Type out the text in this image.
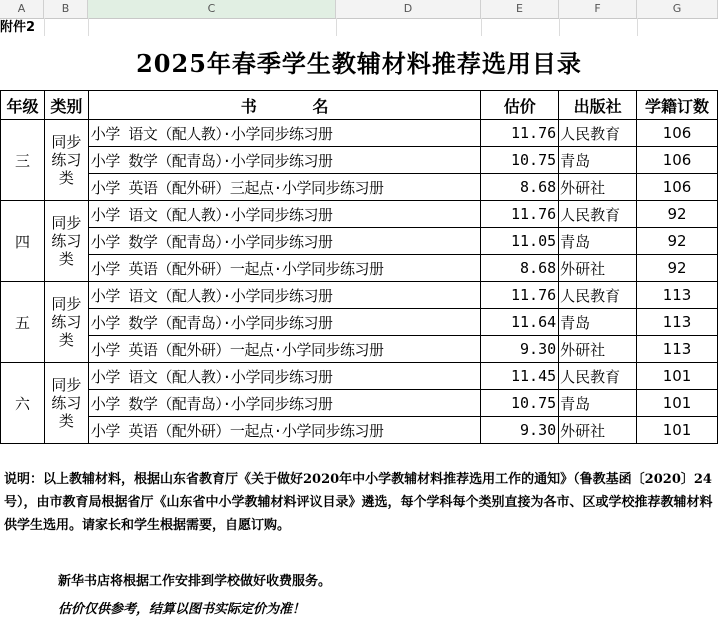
A	B	C	D	E	F	G
附件2
2025年春季学生教辅材料推荐选用目录
年级	类别	书          名	估价	出版社	学籍订数
三	同步练习类	小学 语文（配人教）·小学同步练习册	11.76	人民教育	106
		小学 数学（配青岛）·小学同步练习册	10.75	青岛	106
		小学 英语（配外研）三起点·小学同步练习册	8.68	外研社	106
四	同步练习类	小学 语文（配人教）·小学同步练习册	11.76	人民教育	92
		小学 数学（配青岛）·小学同步练习册	11.05	青岛	92
		小学 英语（配外研）一起点·小学同步练习册	8.68	外研社	92
五	同步练习类	小学 语文（配人教）·小学同步练习册	11.76	人民教育	113
		小学 数学（配青岛）·小学同步练习册	11.64	青岛	113
		小学 英语（配外研）一起点·小学同步练习册	9.30	外研社	113
六	同步练习类	小学 语文（配人教）·小学同步练习册	11.45	人民教育	101
		小学 数学（配青岛）·小学同步练习册	10.75	青岛	101
		小学 英语（配外研）一起点·小学同步练习册	9.30	外研社	101
说明：以上教辅材料，根据山东省教育厅《关于做好2020年中小学教辅材料推荐选用工作的通知》（鲁教基函〔2020〕24号），由市教育局根据省厅《山东省中小学教辅材料评议目录》遴选，每个学科每个类别直接为各市、区或学校推荐教辅材料供学生选用。请家长和学生根据需要，自愿订购。
新华书店将根据工作安排到学校做好收费服务。
估价仅供参考，结算以图书实际定价为准！
